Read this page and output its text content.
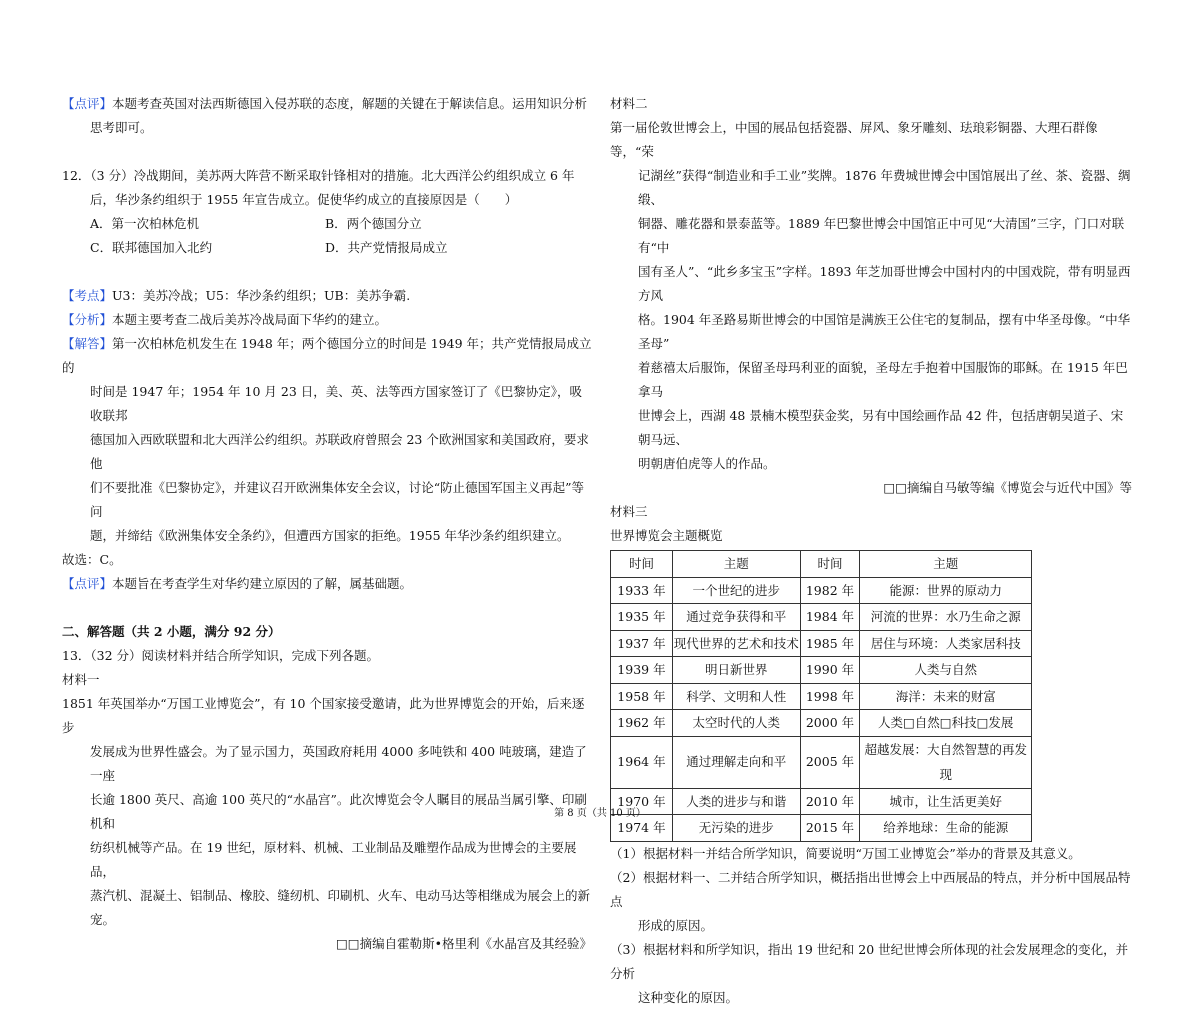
【点评】本题考查英国对法西斯德国入侵苏联的态度，解题的关键在于解读信息。运用知识分析

思考即可。

12．（3 分）冷战期间，美苏两大阵营不断采取针锋相对的措施。北大西洋公约组织成立 6 年

后，华沙条约组织于 1955 年宣告成立。促使华约成立的直接原因是（　　）

A．第一次柏林危机	B．两个德国分立
C．联邦德国加入北约	D．共产党情报局成立

【考点】U3：美苏冷战；U5：华沙条约组织；UB：美苏争霸.

【分析】本题主要考查二战后美苏冷战局面下华约的建立。

【解答】第一次柏林危机发生在 1948 年；两个德国分立的时间是 1949 年；共产党情报局成立的

时间是 1947 年；1954 年 10 月 23 日，美、英、法等西方国家签订了《巴黎协定》，吸收联邦

德国加入西欧联盟和北大西洋公约组织。苏联政府曾照会 23 个欧洲国家和美国政府，要求他

们不要批准《巴黎协定》，并建议召开欧洲集体安全会议，讨论“防止德国军国主义再起”等问

题，并缔结《欧洲集体安全条约》，但遭西方国家的拒绝。1955 年华沙条约组织建立。

故选：C。

【点评】本题旨在考查学生对华约建立原因的了解，属基础题。

二、解答题（共 2 小题，满分 92 分）

13．（32 分）阅读材料并结合所学知识，完成下列各题。

材料一

1851 年英国举办“万国工业博览会”，有 10 个国家接受邀请，此为世界博览会的开始，后来逐步

发展成为世界性盛会。为了显示国力，英国政府耗用 4000 多吨铁和 400 吨玻璃，建造了一座

长逾 1800 英尺、高逾 100 英尺的“水晶宫”。此次博览会令人瞩目的展品当属引擎、印刷机和

纺织机械等产品。在 19 世纪，原材料、机械、工业制品及雕塑作品成为世博会的主要展品，

蒸汽机、混凝土、铝制品、橡胶、缝纫机、印刷机、火车、电动马达等相继成为展会上的新

宠。

□□摘编自霍勒斯•格里利《水晶宫及其经验》

材料二

第一届伦敦世博会上，中国的展品包括瓷器、屏风、象牙雕刻、珐琅彩铜器、大理石群像等，“荣

记湖丝”获得“制造业和手工业”奖牌。1876 年费城世博会中国馆展出了丝、茶、瓷器、绸缎、

铜器、雕花器和景泰蓝等。1889 年巴黎世博会中国馆正中可见“大清国”三字，门口对联有“中

国有圣人”、“此乡多宝玉”字样。1893 年芝加哥世博会中国村内的中国戏院，带有明显西方风

格。1904 年圣路易斯世博会的中国馆是满族王公住宅的复制品，摆有中华圣母像。“中华圣母”

着慈禧太后服饰，保留圣母玛利亚的面貌，圣母左手抱着中国服饰的耶稣。在 1915 年巴拿马

世博会上，西湖 48 景楠木模型获金奖，另有中国绘画作品 42 件，包括唐朝吴道子、宋朝马远、

明朝唐伯虎等人的作品。

□□摘编自马敏等编《博览会与近代中国》等

材料三

世界博览会主题概览

时间	主题	时间	主题
1933 年	一个世纪的进步	1982 年	能源：世界的原动力
1935 年	通过竞争获得和平	1984 年	河流的世界：水乃生命之源
1937 年	现代世界的艺术和技术	1985 年	居住与环境：人类家居科技
1939 年	明日新世界	1990 年	人类与自然
1958 年	科学、文明和人性	1998 年	海洋：未来的财富
1962 年	太空时代的人类	2000 年	人类□自然□科技□发展
1964 年	通过理解走向和平	2005 年	超越发展：大自然智慧的再发现
1970 年	人类的进步与和谐	2010 年	城市，让生活更美好
1974 年	无污染的进步	2015 年	给养地球：生命的能源

（1）根据材料一并结合所学知识，简要说明“万国工业博览会”举办的背景及其意义。

（2）根据材料一、二并结合所学知识，概括指出世博会上中西展品的特点，并分析中国展品特点

形成的原因。

（3）根据材料和所学知识，指出 19 世纪和 20 世纪世博会所体现的社会发展理念的变化，并分析

这种变化的原因。

第 8 页（共 10 页）
